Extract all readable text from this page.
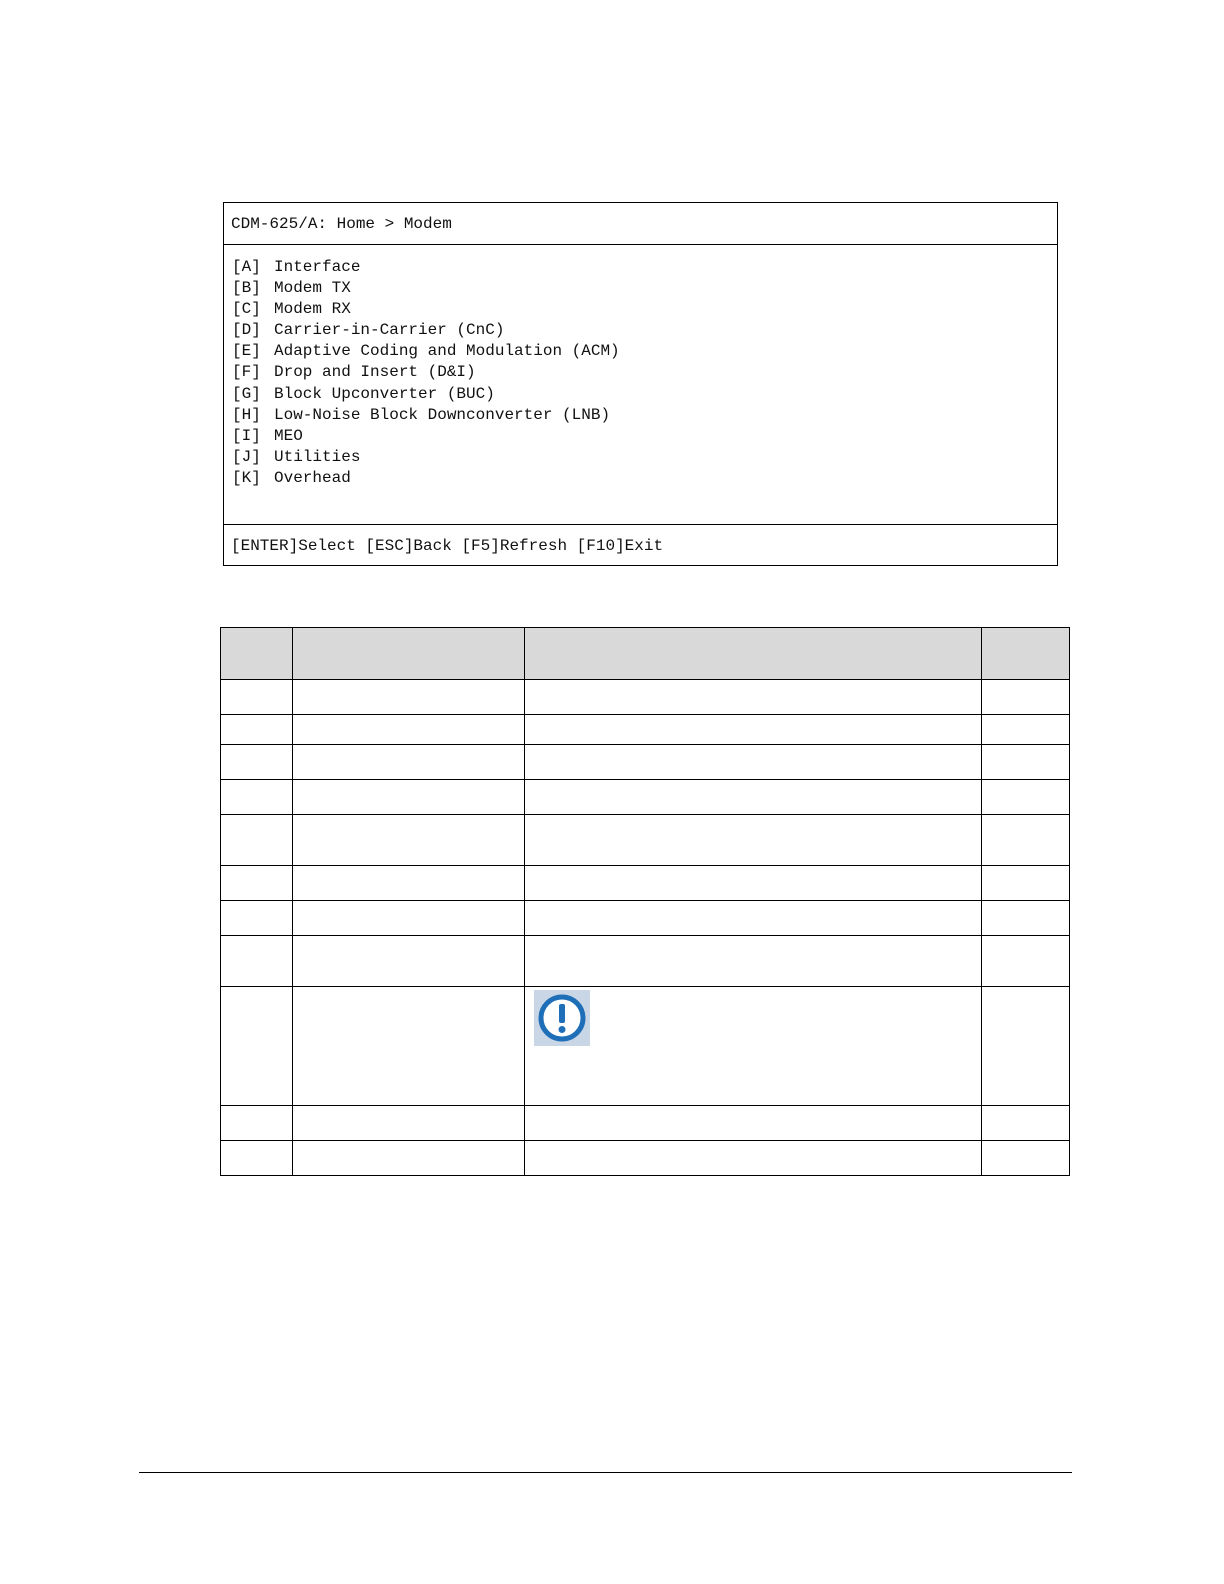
CDM-625/A: Home > Modem
[A] Interface
[B] Modem TX
[C] Modem RX
[D] Carrier-in-Carrier (CnC)
[E] Adaptive Coding and Modulation (ACM)
[F] Drop and Insert (D&I)
[G] Block Upconverter (BUC)
[H] Low-Noise Block Downconverter (LNB)
[I] MEO
[J] Utilities
[K] Overhead
[ENTER]Select [ESC]Back [F5]Refresh [F10]Exit
